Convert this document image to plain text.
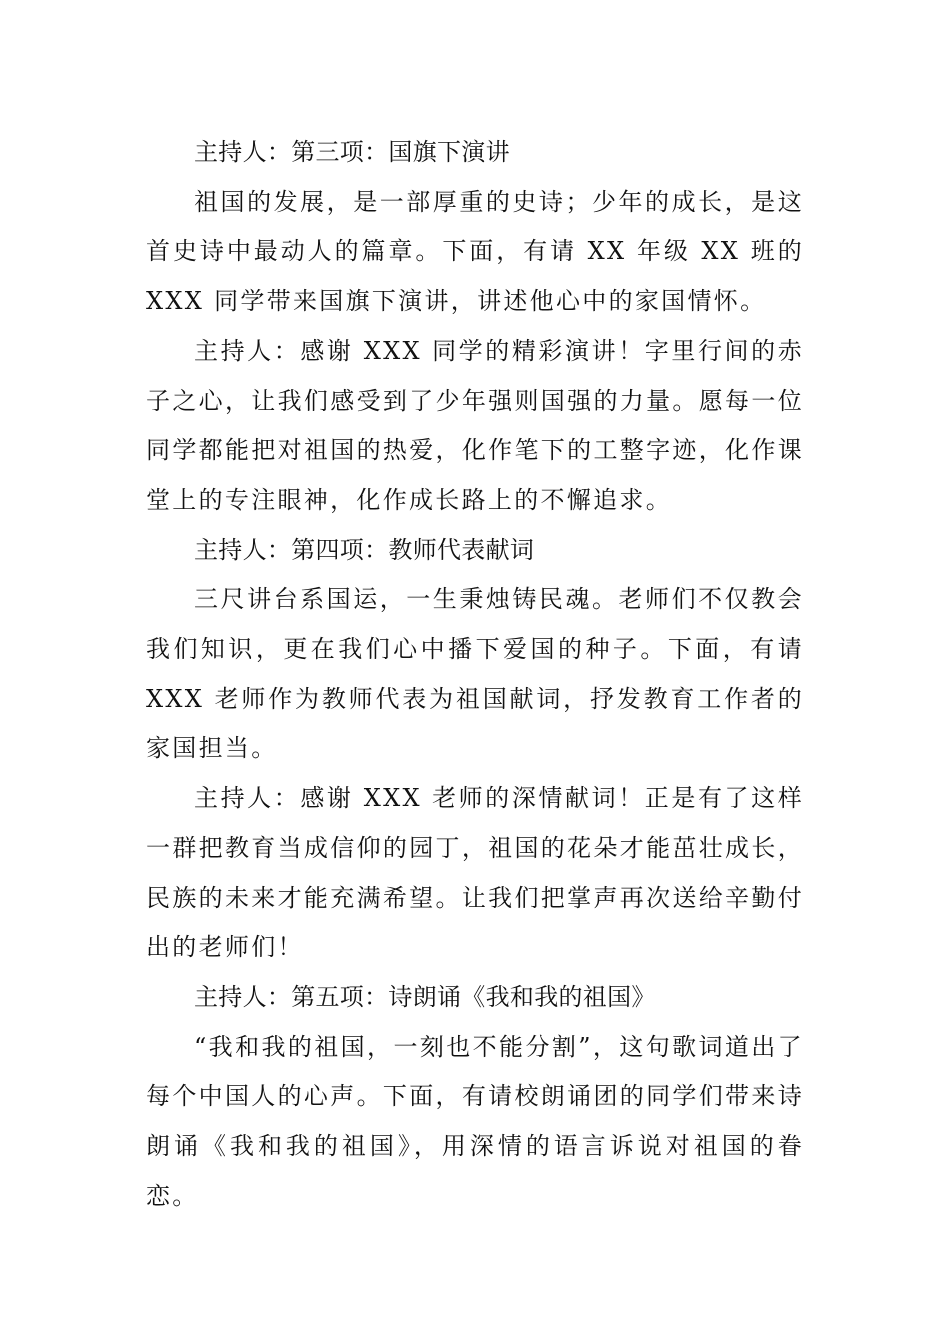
主持人：第三项：国旗下演讲

祖国的发展，是一部厚重的史诗；少年的成长，是这首史诗中最动人的篇章。下面，有请 XX 年级 XX 班的 XXX 同学带来国旗下演讲，讲述他心中的家国情怀。

主持人：感谢 XXX 同学的精彩演讲！字里行间的赤子之心，让我们感受到了少年强则国强的力量。愿每一位同学都能把对祖国的热爱，化作笔下的工整字迹，化作课堂上的专注眼神，化作成长路上的不懈追求。

主持人：第四项：教师代表献词

三尺讲台系国运，一生秉烛铸民魂。老师们不仅教会我们知识，更在我们心中播下爱国的种子。下面，有请 XXX 老师作为教师代表为祖国献词，抒发教育工作者的家国担当。

主持人：感谢 XXX 老师的深情献词！正是有了这样一群把教育当成信仰的园丁，祖国的花朵才能茁壮成长，民族的未来才能充满希望。让我们把掌声再次送给辛勤付出的老师们！

主持人：第五项：诗朗诵《我和我的祖国》

“我和我的祖国，一刻也不能分割”，这句歌词道出了每个中国人的心声。下面，有请校朗诵团的同学们带来诗朗诵《我和我的祖国》，用深情的语言诉说对祖国的眷恋。
